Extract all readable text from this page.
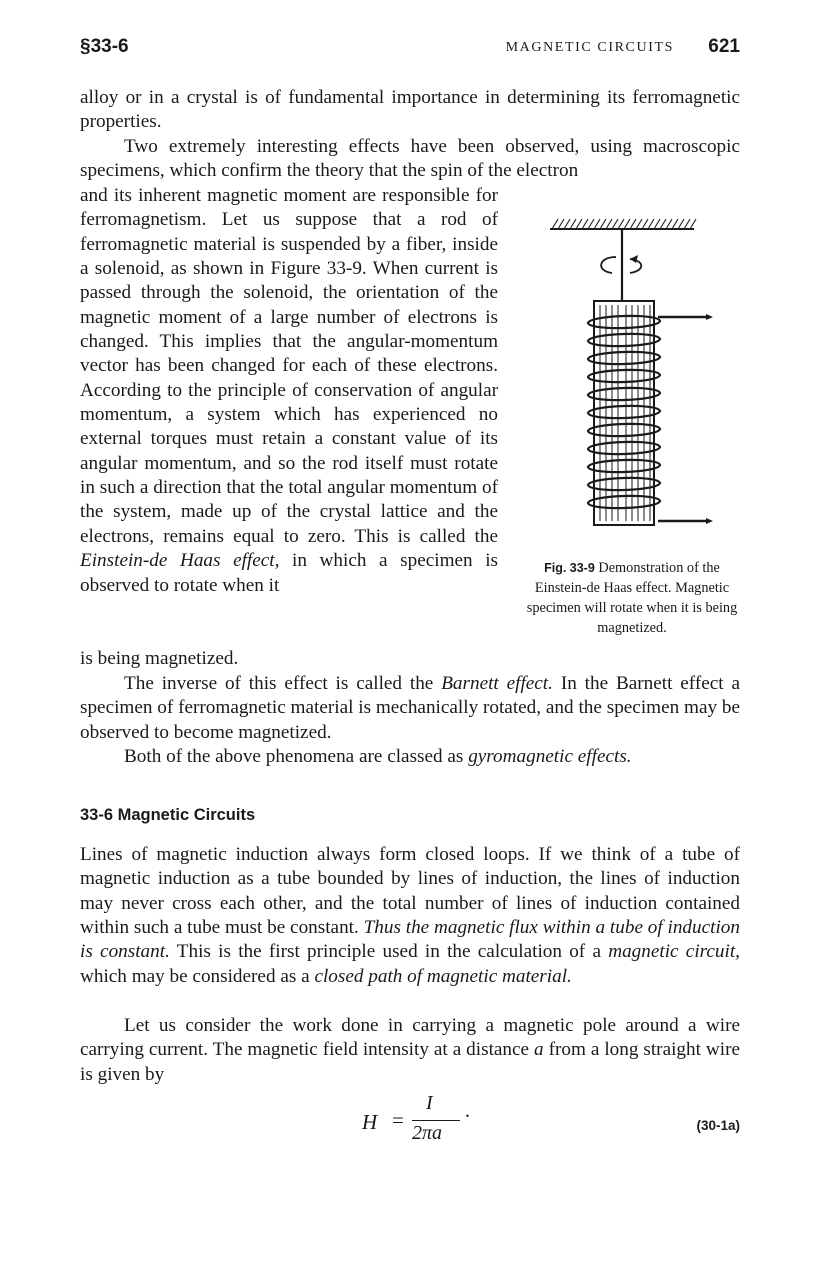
§33-6	MAGNETIC CIRCUITS 621

alloy or in a crystal is of fundamental importance in determining its ferromagnetic properties.

Two extremely interesting effects have been observed, using macroscopic specimens, which confirm the theory that the spin of the electron

and its inherent magnetic moment are responsible for ferromagnetism. Let us suppose that a rod of ferromagnetic material is suspended by a fiber, inside a solenoid, as shown in Figure 33-9. When current is passed through the solenoid, the orientation of the magnetic moment of a large number of electrons is changed. This implies that the angular-momentum vector has been changed for each of these electrons. According to the principle of conservation of angular momentum, a system which has experienced no external torques must retain a constant value of its angular momentum, and so the rod itself must rotate in such a direction that the total angular momentum of the system, made up of the crystal lattice and the electrons, remains equal to zero. This is called the Einstein-de Haas effect, in which a specimen is observed to rotate when it

is being magnetized.

The inverse of this effect is called the Barnett effect. In the Barnett effect a specimen of ferromagnetic material is mechanically rotated, and the specimen may be observed to become magnetized.

Both of the above phenomena are classed as gyromagnetic effects.

33-6 Magnetic Circuits

Lines of magnetic induction always form closed loops. If we think of a tube of magnetic induction as a tube bounded by lines of induction, the lines of induction may never cross each other, and the total number of lines of induction contained within such a tube must be constant. Thus the magnetic flux within a tube of induction is constant. This is the first principle used in the calculation of a magnetic circuit, which may be considered as a closed path of magnetic material.

Let us consider the work done in carrying a magnetic pole around a wire carrying current. The magnetic field intensity at a distance a from a long straight wire is given by

Fig. 33-9 Demonstration of the Einstein-de Haas effect. Magnetic specimen will rotate when it is being magnetized.

H =
I
2πa
·	(30-1a)
